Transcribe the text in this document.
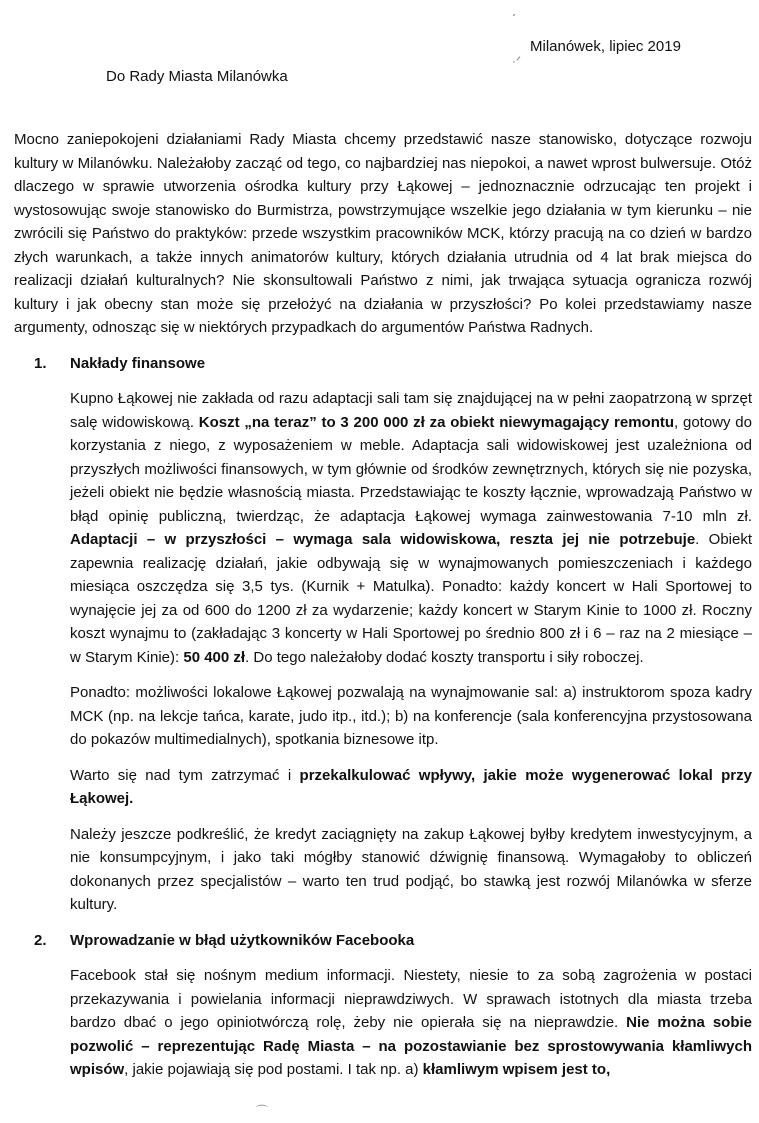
ˊ
Milanówek, lipiec 2019
·ᐟ
Do Rady Miasta Milanówka

Mocno zaniepokojeni działaniami Rady Miasta chcemy przedstawić nasze stanowisko, dotyczące rozwoju kultury w Milanówku. Należałoby zacząć od tego, co najbardziej nas niepokoi, a nawet wprost bulwersuje. Otóż dlaczego w sprawie utworzenia ośrodka kultury przy Łąkowej – jednoznacznie odrzucając ten projekt i wystosowując swoje stanowisko do Burmistrza, powstrzymujące wszelkie jego działania w tym kierunku – nie zwrócili się Państwo do praktyków: przede wszystkim pracowników MCK, którzy pracują na co dzień w bardzo złych warunkach, a także innych animatorów kultury, których działania utrudnia od 4 lat brak miejsca do realizacji działań kulturalnych? Nie skonsultowali Państwo z nimi, jak trwająca sytuacja ogranicza rozwój kultury i jak obecny stan może się przełożyć na działania w przyszłości? Po kolei przedstawiamy nasze argumenty, odnosząc się w niektórych przypadkach do argumentów Państwa Radnych.

1. Nakłady finansowe

Kupno Łąkowej nie zakłada od razu adaptacji sali tam się znajdującej na w pełni zaopatrzoną w sprzęt salę widowiskową. Koszt „na teraz” to 3 200 000 zł za obiekt niewymagający remontu, gotowy do korzystania z niego, z wyposażeniem w meble. Adaptacja sali widowiskowej jest uzależniona od przyszłych możliwości finansowych, w tym głównie od środków zewnętrznych, których się nie pozyska, jeżeli obiekt nie będzie własnością miasta. Przedstawiając te koszty łącznie, wprowadzają Państwo w błąd opinię publiczną, twierdząc, że adaptacja Łąkowej wymaga zainwestowania 7-10 mln zł. Adaptacji – w przyszłości – wymaga sala widowiskowa, reszta jej nie potrzebuje. Obiekt zapewnia realizację działań, jakie odbywają się w wynajmowanych pomieszczeniach i każdego miesiąca oszczędza się 3,5 tys. (Kurnik + Matulka). Ponadto: każdy koncert w Hali Sportowej to wynajęcie jej za od 600 do 1200 zł za wydarzenie; każdy koncert w Starym Kinie to 1000 zł. Roczny koszt wynajmu to (zakładając 3 koncerty w Hali Sportowej po średnio 800 zł i 6 – raz na 2 miesiące – w Starym Kinie): 50 400 zł. Do tego należałoby dodać koszty transportu i siły roboczej.

Ponadto: możliwości lokalowe Łąkowej pozwalają na wynajmowanie sal: a) instruktorom spoza kadry MCK (np. na lekcje tańca, karate, judo itp., itd.); b) na konferencje (sala konferencyjna przystosowana do pokazów multimedialnych), spotkania biznesowe itp.

Warto się nad tym zatrzymać i przekalkulować wpływy, jakie może wygenerować lokal przy Łąkowej.

Należy jeszcze podkreślić, że kredyt zaciągnięty na zakup Łąkowej byłby kredytem inwestycyjnym, a nie konsumpcyjnym, i jako taki mógłby stanowić dźwignię finansową. Wymagałoby to obliczeń dokonanych przez specjalistów – warto ten trud podjąć, bo stawką jest rozwój Milanówka w sferze kultury.

2. Wprowadzanie w błąd użytkowników Facebooka

Facebook stał się nośnym medium informacji. Niestety, niesie to za sobą zagrożenia w postaci przekazywania i powielania informacji nieprawdziwych. W sprawach istotnych dla miasta trzeba bardzo dbać o jego opiniotwórczą rolę, żeby nie opierała się na nieprawdzie. Nie można sobie pozwolić – reprezentując Radę Miasta – na pozostawianie bez sprostowywania kłamliwych wpisów, jakie pojawiają się pod postami. I tak np. a) kłamliwym wpisem jest to,

⌒
